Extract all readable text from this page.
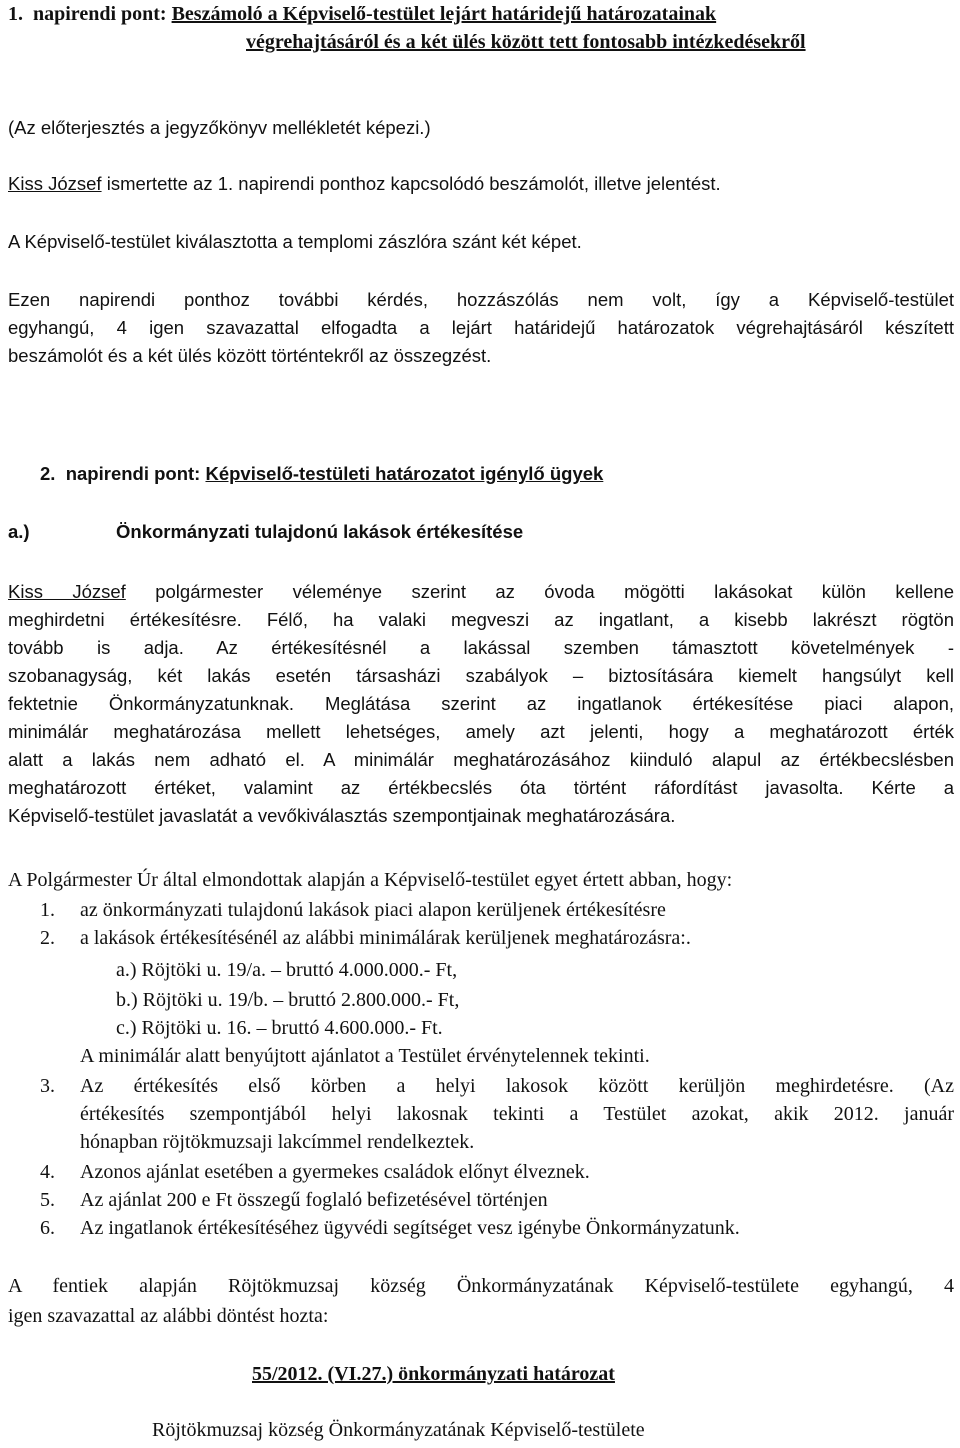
1.  napirendi pont: Beszámoló a Képviselő-testület lejárt határidejű határozatainak
végrehajtásáról és a két ülés között tett fontosabb intézkedésekről
(Az előterjesztés a jegyzőkönyv mellékletét képezi.)
Kiss József ismertette az 1. napirendi ponthoz kapcsolódó beszámolót, illetve jelentést.
A Képviselő-testület kiválasztotta a templomi zászlóra szánt két képet.
Ezen napirendi ponthoz további kérdés, hozzászólás nem volt, így a Képviselő-testület
egyhangú, 4 igen szavazattal elfogadta a lejárt határidejű határozatok végrehajtásáról készített
beszámolót és a két ülés között történtekről az összegzést.
2.  napirendi pont: Képviselő-testületi határozatot igénylő ügyek
a.)	Önkormányzati tulajdonú lakások értékesítése
Kiss József polgármester véleménye szerint az óvoda mögötti lakásokat külön kellene
meghirdetni értékesítésre. Félő, ha valaki megveszi az ingatlant, a kisebb lakrészt rögtön
tovább is adja. Az értékesítésnél a lakással szemben támasztott követelmények -
szobanagyság, két lakás esetén társasházi szabályok – biztosítására kiemelt hangsúlyt kell
fektetnie Önkormányzatunknak. Meglátása szerint az ingatlanok értékesítése piaci alapon,
minimálár meghatározása mellett lehetséges, amely azt jelenti, hogy a meghatározott érték
alatt a lakás nem adható el. A minimálár meghatározásához kiinduló alapul az értékbecslésben
meghatározott értéket, valamint az értékbecslés óta történt ráfordítást javasolta. Kérte a
Képviselő-testület javaslatát a vevőkiválasztás szempontjainak meghatározására.
A Polgármester Úr által elmondottak alapján a Képviselő-testület egyet értett abban, hogy:
1.	az önkormányzati tulajdonú lakások piaci alapon kerüljenek értékesítésre
2.	a lakások értékesítésénél az alábbi minimálárak kerüljenek meghatározásra:.
a.) Röjtöki u. 19/a. – bruttó 4.000.000.- Ft,
b.) Röjtöki u. 19/b. – bruttó 2.800.000.- Ft,
c.) Röjtöki u. 16. – bruttó 4.600.000.- Ft.
A minimálár alatt benyújtott ajánlatot a Testület érvénytelennek tekinti.
3.	Az értékesítés első körben a helyi lakosok között kerüljön meghirdetésre. (Az
értékesítés szempontjából helyi lakosnak tekinti a Testület azokat, akik 2012. január
hónapban röjtökmuzsaji lakcímmel rendelkeztek.
4.	Azonos ajánlat esetében a gyermekes családok előnyt élveznek.
5.	Az ajánlat 200 e Ft összegű foglaló befizetésével történjen
6.	Az ingatlanok értékesítéséhez ügyvédi segítséget vesz igénybe Önkormányzatunk.
A fentiek alapján Röjtökmuzsaj község Önkormányzatának Képviselő-testülete egyhangú, 4
igen szavazattal az alábbi döntést hozta:
55/2012. (VI.27.) önkormányzati határozat
Röjtökmuzsaj község Önkormányzatának Képviselő-testülete
